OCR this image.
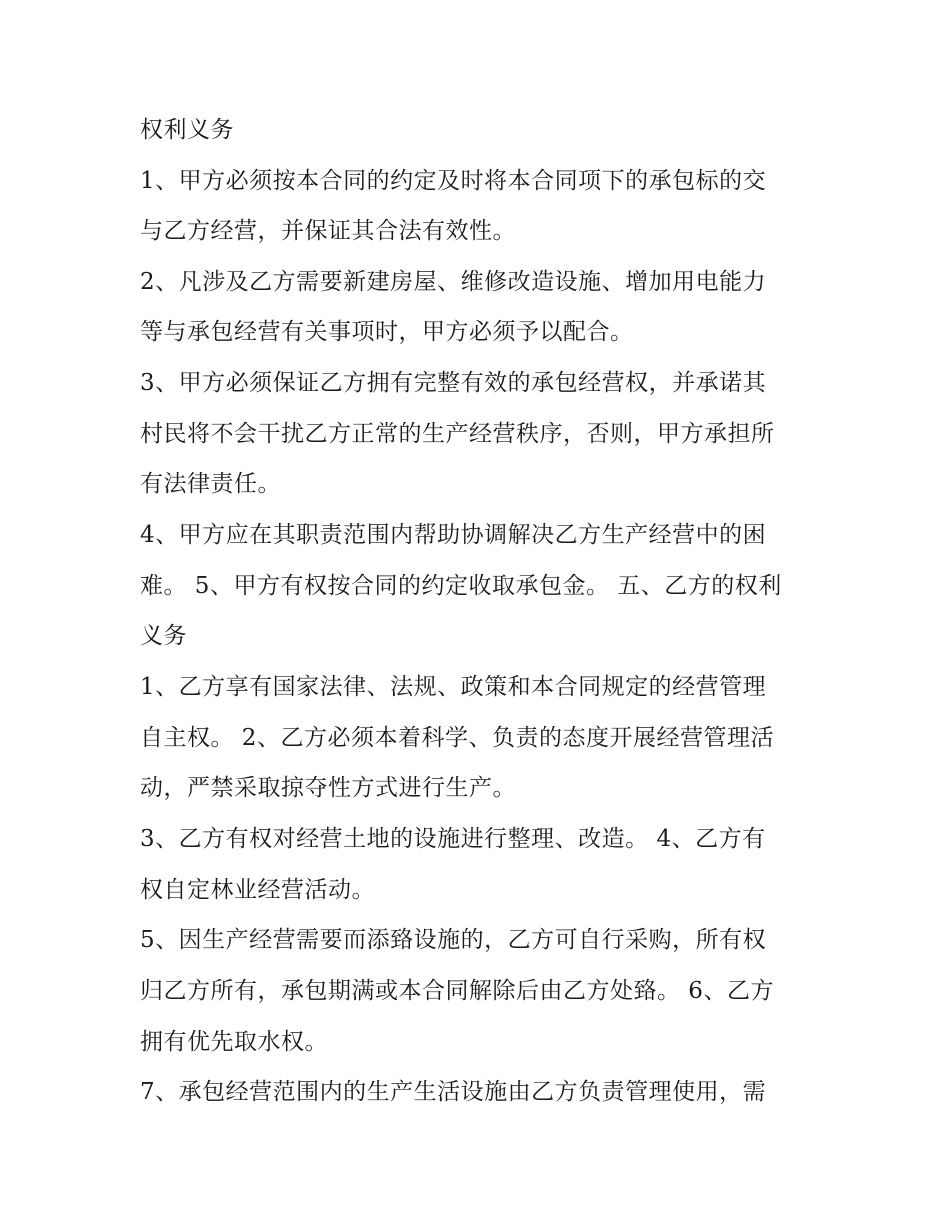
权利义务
1、甲方必须按本合同的约定及时将本合同项下的承包标的交
与乙方经营，并保证其合法有效性。
2、凡涉及乙方需要新建房屋、维修改造设施、增加用电能力
等与承包经营有关事项时，甲方必须予以配合。
3、甲方必须保证乙方拥有完整有效的承包经营权，并承诺其
村民将不会干扰乙方正常的生产经营秩序，否则，甲方承担所
有法律责任。
4、甲方应在其职责范围内帮助协调解决乙方生产经营中的困
难。 5、甲方有权按合同的约定收取承包金。 五、乙方的权利
义务
1、乙方享有国家法律、法规、政策和本合同规定的经营管理
自主权。 2、乙方必须本着科学、负责的态度开展经营管理活
动，严禁采取掠夺性方式进行生产。
3、乙方有权对经营土地的设施进行整理、改造。 4、乙方有
权自定林业经营活动。
5、因生产经营需要而添臵设施的，乙方可自行采购，所有权
归乙方所有，承包期满或本合同解除后由乙方处臵。 6、乙方
拥有优先取水权。
7、承包经营范围内的生产生活设施由乙方负责管理使用，需
